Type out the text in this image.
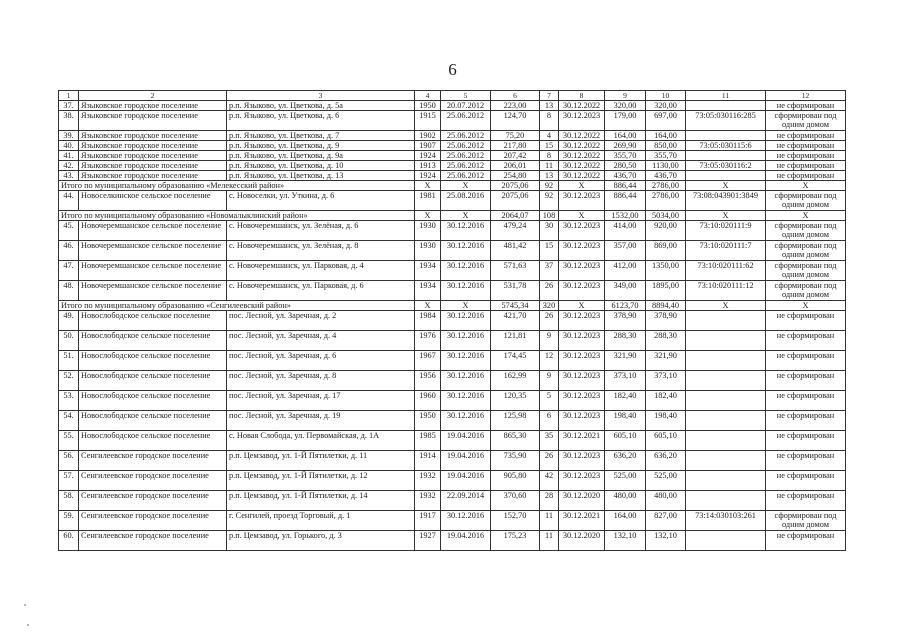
6
1	2	3	4	5	6	7	8	9	10	11	12
37.	Языковское городское поселение	р.п. Языково, ул. Цветкова, д. 5а	1950	20.07.2012	223,00	13	30.12.2022	320,00	320,00		не сформирован
38.	Языковское городское поселение	р.п. Языково, ул. Цветкова, д. 6	1915	25.06.2012	124,70	8	30.12.2023	179,00	697,00	73:05:030116:285	сформирован под одним домом
39.	Языковское городское поселение	р.п. Языково, ул. Цветкова, д. 7	1902	25.06.2012	75,20	4	30.12.2022	164,00	164,00		не сформирован
40.	Языковское городское поселение	р.п. Языково, ул. Цветкова, д. 9	1907	25.06.2012	217,80	15	30.12.2022	269,90	850,00	73:05:030115:6	не сформирован
41.	Языковское городское поселение	р.п. Языково, ул. Цветкова, д. 9а	1924	25.06.2012	207,42	8	30.12.2022	355,70	355,70		не сформирован
42.	Языковское городское поселение	р.п. Языково, ул. Цветкова, д. 10	1913	25.06.2012	206,01	11	30.12.2022	280,50	1130,00	73:05:030116:2	не сформирован
43.	Языковское городское поселение	р.п. Языково, ул. Цветкова, д. 13	1924	25.06.2012	254,80	13	30.12.2022	436,70	436,70		не сформирован
Итого по муниципальному образованию «Мелекесский район»			X	X	2075,06	92	X	886,44	2786,00	X	X
44.	Новоселкинское сельское поселение	с. Новоселки, ул. Уткина, д. 6	1981	25.08.2016	2075,06	92	30.12.2023	886,44	2786,00	73:08:043901:3849	сформирован под одним домом
Итого по муниципальному образованию «Новомалыклинский район»			X	X	2064,07	108	X	1532,00	5034,00	X	X
45.	Новочеремшанское сельское поселение	с. Новочеремшанск, ул. Зелёная, д. 6	1930	30.12.2016	479,24	30	30.12.2023	414,00	920,00	73:10:020111:9	сформирован под одним домом
46.	Новочеремшанское сельское поселение	с. Новочеремшанск, ул. Зелёная, д. 8	1930	30.12.2016	481,42	15	30.12.2023	357,00	869,00	73:10:020111:7	сформирован под одним домом
47.	Новочеремшанское сельское поселение	с. Новочеремшанск, ул. Парковая, д. 4	1934	30.12.2016	571,63	37	30.12.2023	412,00	1350,00	73:10:020111:62	сформирован под одним домом
48.	Новочеремшанское сельское поселение	с. Новочеремшанск, ул. Парковая, д. 6	1934	30.12.2016	531,78	26	30.12.2023	349,00	1895,00	73:10:020111:12	сформирован под одним домом
Итого по муниципальному образованию «Сенгилеевский район»			X	X	5745,34	320	X	6123,70	8894,40	X	X
49.	Новослободское сельское поселение	пос. Лесной, ул. Заречная, д. 2	1984	30.12.2016	421,70	26	30.12.2023	378,90	378,90		не сформирован
50.	Новослободское сельское поселение	пос. Лесной, ул. Заречная, д. 4	1976	30.12.2016	121,81	9	30.12.2023	288,30	288,30		не сформирован
51.	Новослободское сельское поселение	пос. Лесной, ул. Заречная, д. 6	1967	30.12.2016	174,45	12	30.12.2023	321,90	321,90		не сформирован
52.	Новослободское сельское поселение	пос. Лесной, ул. Заречная, д. 8	1956	30.12.2016	162,99	9	30.12.2023	373,10	373,10		не сформирован
53.	Новослободское сельское поселение	пос. Лесной, ул. Заречная, д. 17	1960	30.12.2016	120,35	5	30.12.2023	182,40	182,40		не сформирован
54.	Новослободское сельское поселение	пос. Лесной, ул. Заречная, д. 19	1950	30.12.2016	125,98	6	30.12.2023	198,40	198,40		не сформирован
55.	Новослободское сельское поселение	с. Новая Слобода, ул. Первомайская, д. 1А	1985	19.04.2016	865,30	35	30.12.2021	605,10	605,10		не сформирован
56.	Сенгилеевское городское поселение	р.п. Цемзавод, ул. 1-Й Пятилетки, д. 11	1914	19.04.2016	735,90	26	30.12.2023	636,20	636,20		не сформирован
57.	Сенгилеевское городское поселение	р.п. Цемзавод, ул. 1-Й Пятилетки, д. 12	1932	19.04.2016	905,80	42	30.12.2023	525,00	525,00		не сформирован
58.	Сенгилеевское городское поселение	р.п. Цемзавод, ул. 1-Й Пятилетки, д. 14	1932	22.09.2014	370,60	28	30.12.2020	480,00	480,00		не сформирован
59.	Сенгилеевское городское поселение	г. Сенгилей, проезд Торговый, д. 1	1917	30.12.2016	152,70	11	30.12.2021	164,00	827,00	73:14:030103:261	сформирован под одним домом
60.	Сенгилеевское городское поселение	р.п. Цемзавод, ул. Горького, д. 3	1927	19.04.2016	175,23	11	30.12.2020	132,10	132,10		не сформирован
